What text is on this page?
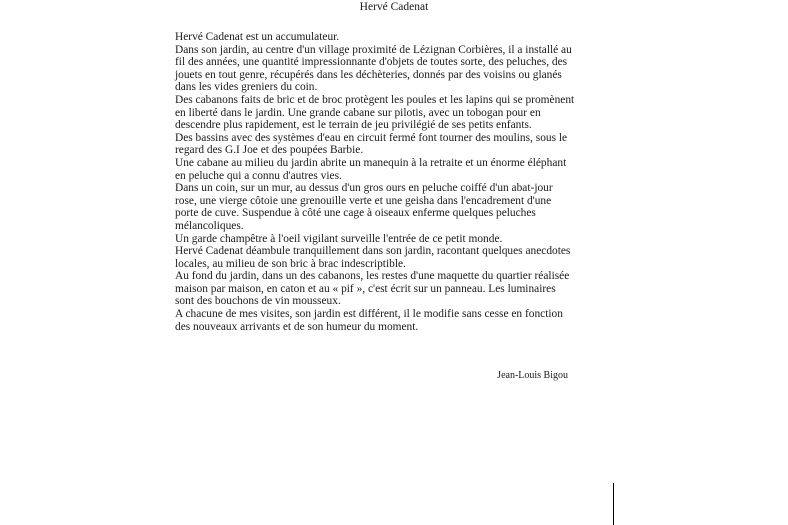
Hervé Cadenat

Hervé Cadenat est un accumulateur.

Dans son jardin, au centre d'un village proximité de Lézignan Corbières, il a installé au fil des années, une quantité impressionnante d'objets de toutes sorte, des peluches, des jouets en tout genre, récupérés dans les déchèteries, donnés par des voisins ou glanés dans les vides greniers du coin.

Des cabanons faits de bric et de broc protègent les poules et les lapins qui se promènent en liberté dans le jardin. Une grande cabane sur pilotis, avec un tobogan pour en descendre plus rapidement, est le terrain de jeu privilégié de ses petits enfants.

Des bassins avec des systèmes d'eau en circuit fermé font tourner des moulins, sous le regard des G.I Joe et des poupées Barbie.

Une cabane au milieu du jardin abrite un manequin à la retraite et un énorme éléphant en peluche qui a connu d'autres vies.

Dans un coin, sur un mur, au dessus d'un gros ours en peluche coiffé d'un abat-jour rose, une vierge côtoie une grenouille verte et une geisha dans l'encadrement d'une porte de cuve. Suspendue à côté une cage à oiseaux enferme quelques peluches mélancoliques.

Un garde champêtre à l'oeil vigilant surveille l'entrée de ce petit monde.

Hervé Cadenat déambule tranquillement dans son jardin, racontant quelques anecdotes locales, au milieu de son bric à brac indescriptible.

Au fond du jardin, dans un des cabanons, les restes d'une maquette du quartier réalisée maison par maison, en caton et au « pif », c'est écrit sur un panneau. Les luminaires sont des bouchons de vin mousseux.

A chacune de mes visites, son jardin est différent, il le modifie sans cesse en fonction des nouveaux arrivants et de son humeur du moment.

Jean-Louis Bigou
